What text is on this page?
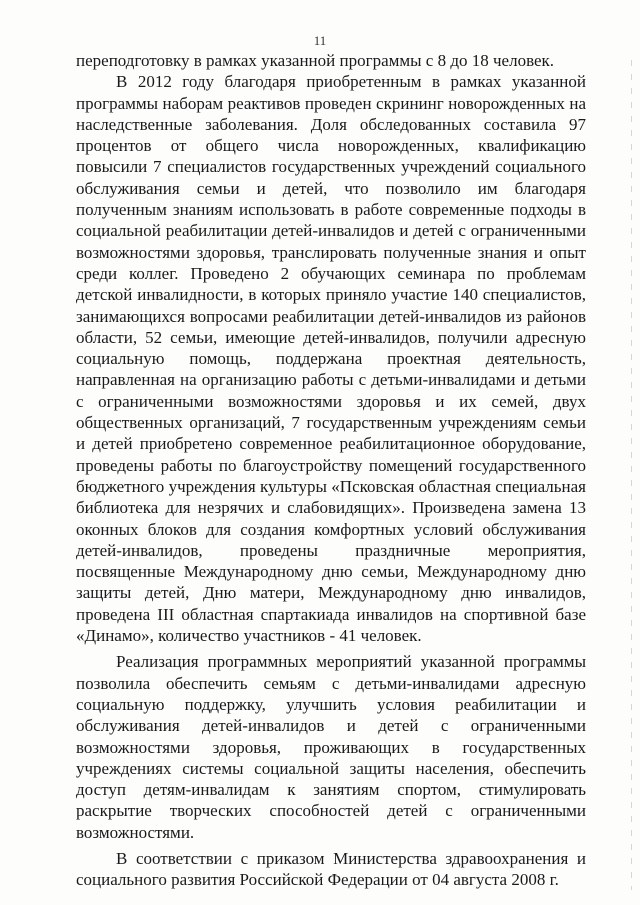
11

переподготовку в рамках указанной программы с 8 до 18 человек.

В 2012 году благодаря приобретенным в рамках указанной программы наборам реактивов проведен скрининг новорожденных на наследственные заболевания. Доля обследованных составила 97 процентов от общего числа новорожденных, квалификацию повысили 7 специалистов государственных учреждений социального обслуживания семьи и детей, что позволило им благодаря полученным знаниям использовать в работе современные подходы в социальной реабилитации детей-инвалидов и детей с ограниченными возможностями здоровья, транслировать полученные знания и опыт среди коллег. Проведено 2 обучающих семинара по проблемам детской инвалидности, в которых приняло участие 140 специалистов, занимающихся вопросами реабилитации детей-инвалидов из районов области, 52 семьи, имеющие детей-инвалидов, получили адресную социальную помощь, поддержана проектная деятельность, направленная на организацию работы с детьми-инвалидами и детьми с ограниченными возможностями здоровья и их семей, двух общественных организаций, 7 государственным учреждениям семьи и детей приобретено современное реабилитационное оборудование, проведены работы по благоустройству помещений государственного бюджетного учреждения культуры «Псковская областная специальная библиотека для незрячих и слабовидящих». Произведена замена 13 оконных блоков для создания комфортных условий обслуживания детей-инвалидов, проведены праздничные мероприятия, посвященные Международному дню семьи, Международному дню защиты детей, Дню матери, Международному дню инвалидов, проведена III областная спартакиада инвалидов на спортивной базе «Динамо», количество участников - 41 человек.

Реализация программных мероприятий указанной программы позволила обеспечить семьям с детьми-инвалидами адресную социальную поддержку, улучшить условия реабилитации и обслуживания детей-инвалидов и детей с ограниченными возможностями здоровья, проживающих в государственных учреждениях системы социальной защиты населения, обеспечить доступ детям-инвалидам к занятиям спортом, стимулировать раскрытие творческих способностей детей с ограниченными возможностями.

В соответствии с приказом Министерства здравоохранения и социального развития Российской Федерации от 04 августа 2008 г.
